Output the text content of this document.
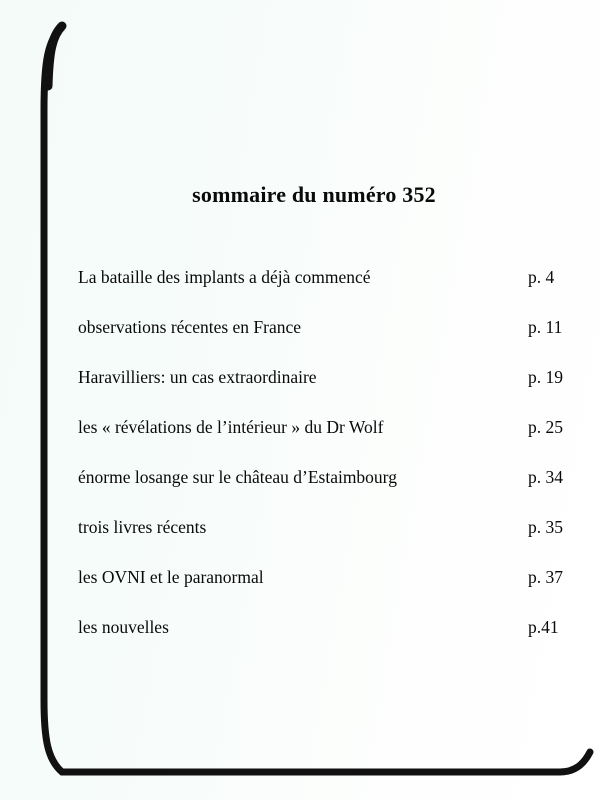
sommaire du numéro 352
La bataille des implants a déjà commencé	p. 4
observations récentes en France	p. 11
Haravilliers: un cas extraordinaire	p. 19
les « révélations de l’intérieur » du Dr Wolf	p. 25
énorme losange sur le château d’Estaimbourg	p. 34
trois livres récents	p. 35
les OVNI et le paranormal	p. 37
les nouvelles	p.41
